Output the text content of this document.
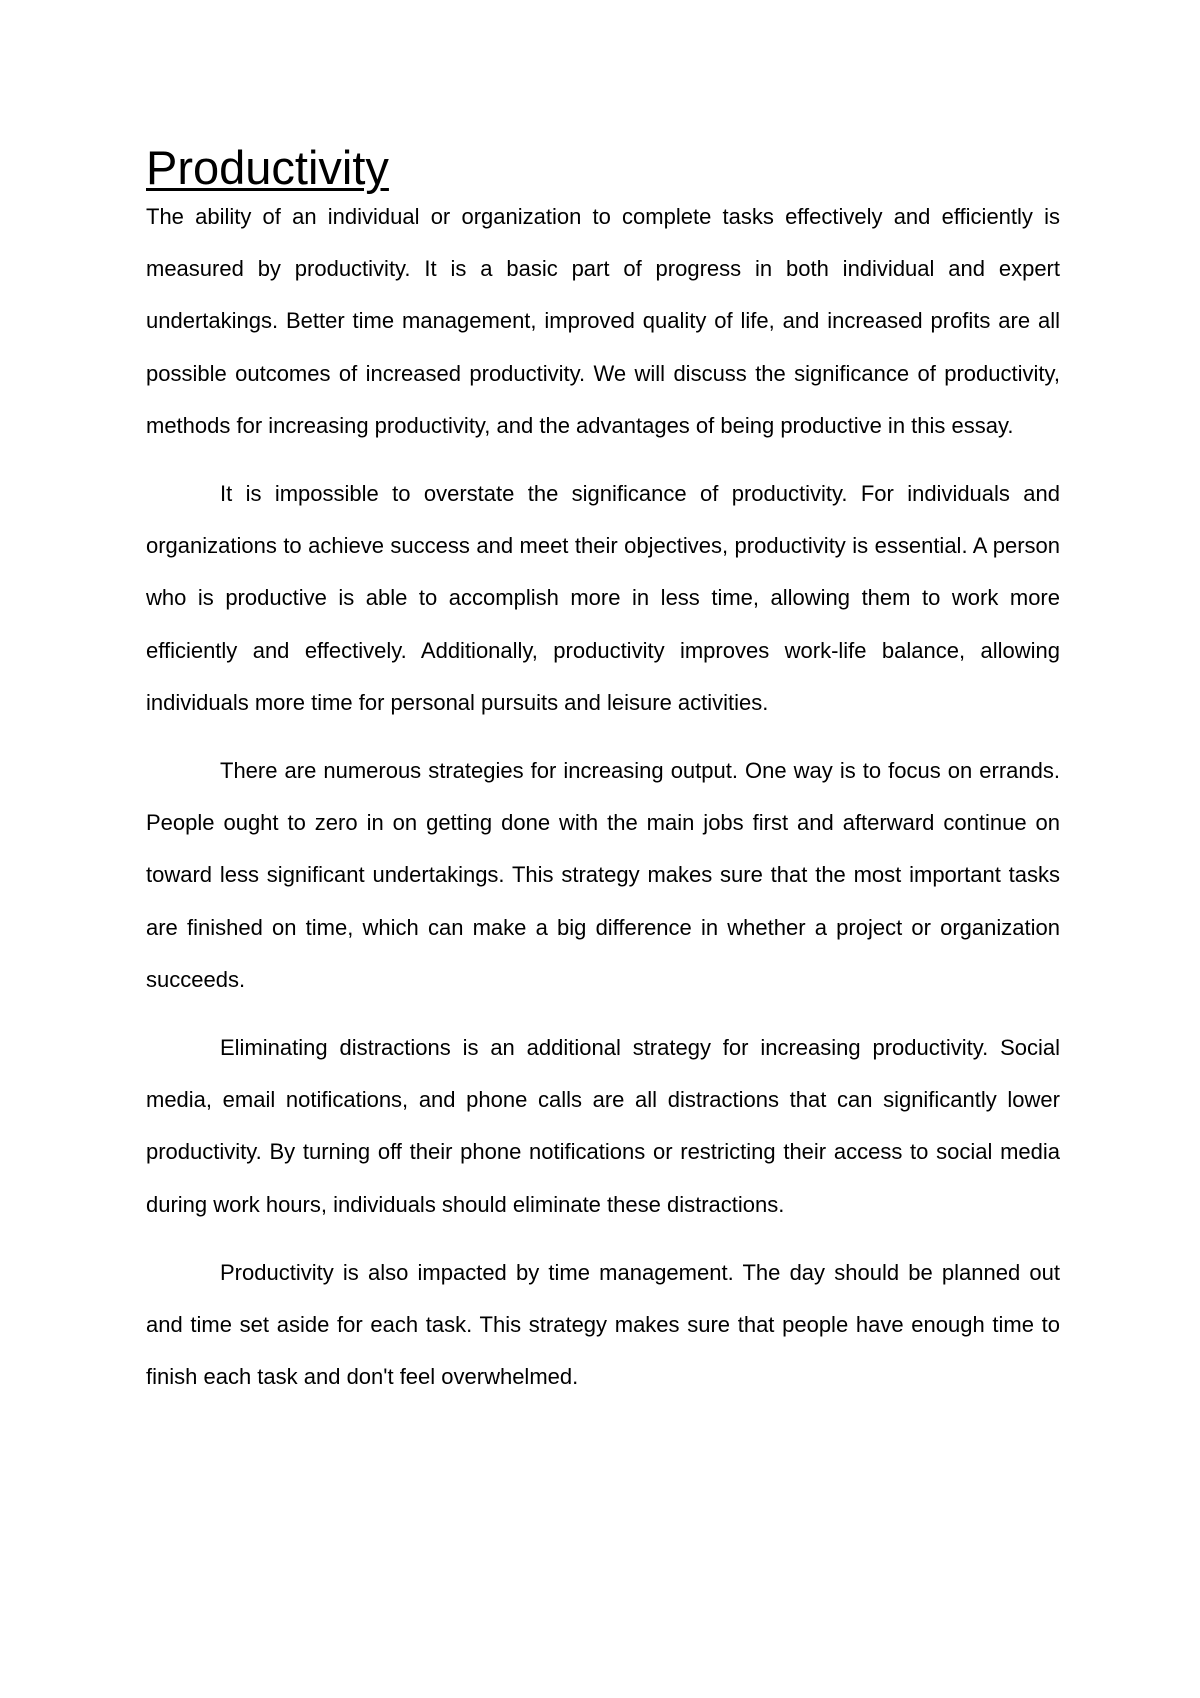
Productivity

The ability of an individual or organization to complete tasks effectively and efficiently is measured by productivity. It is a basic part of progress in both individual and expert undertakings. Better time management, improved quality of life, and increased profits are all possible outcomes of increased productivity. We will discuss the significance of productivity, methods for increasing productivity, and the advantages of being productive in this essay.

It is impossible to overstate the significance of productivity. For individuals and organizations to achieve success and meet their objectives, productivity is essential. A person who is productive is able to accomplish more in less time, allowing them to work more efficiently and effectively. Additionally, productivity improves work-life balance, allowing individuals more time for personal pursuits and leisure activities.

There are numerous strategies for increasing output. One way is to focus on errands. People ought to zero in on getting done with the main jobs first and afterward continue on toward less significant undertakings. This strategy makes sure that the most important tasks are finished on time, which can make a big difference in whether a project or organization succeeds.

Eliminating distractions is an additional strategy for increasing productivity. Social media, email notifications, and phone calls are all distractions that can significantly lower productivity. By turning off their phone notifications or restricting their access to social media during work hours, individuals should eliminate these distractions.

Productivity is also impacted by time management. The day should be planned out and time set aside for each task. This strategy makes sure that people have enough time to finish each task and don't feel overwhelmed.
